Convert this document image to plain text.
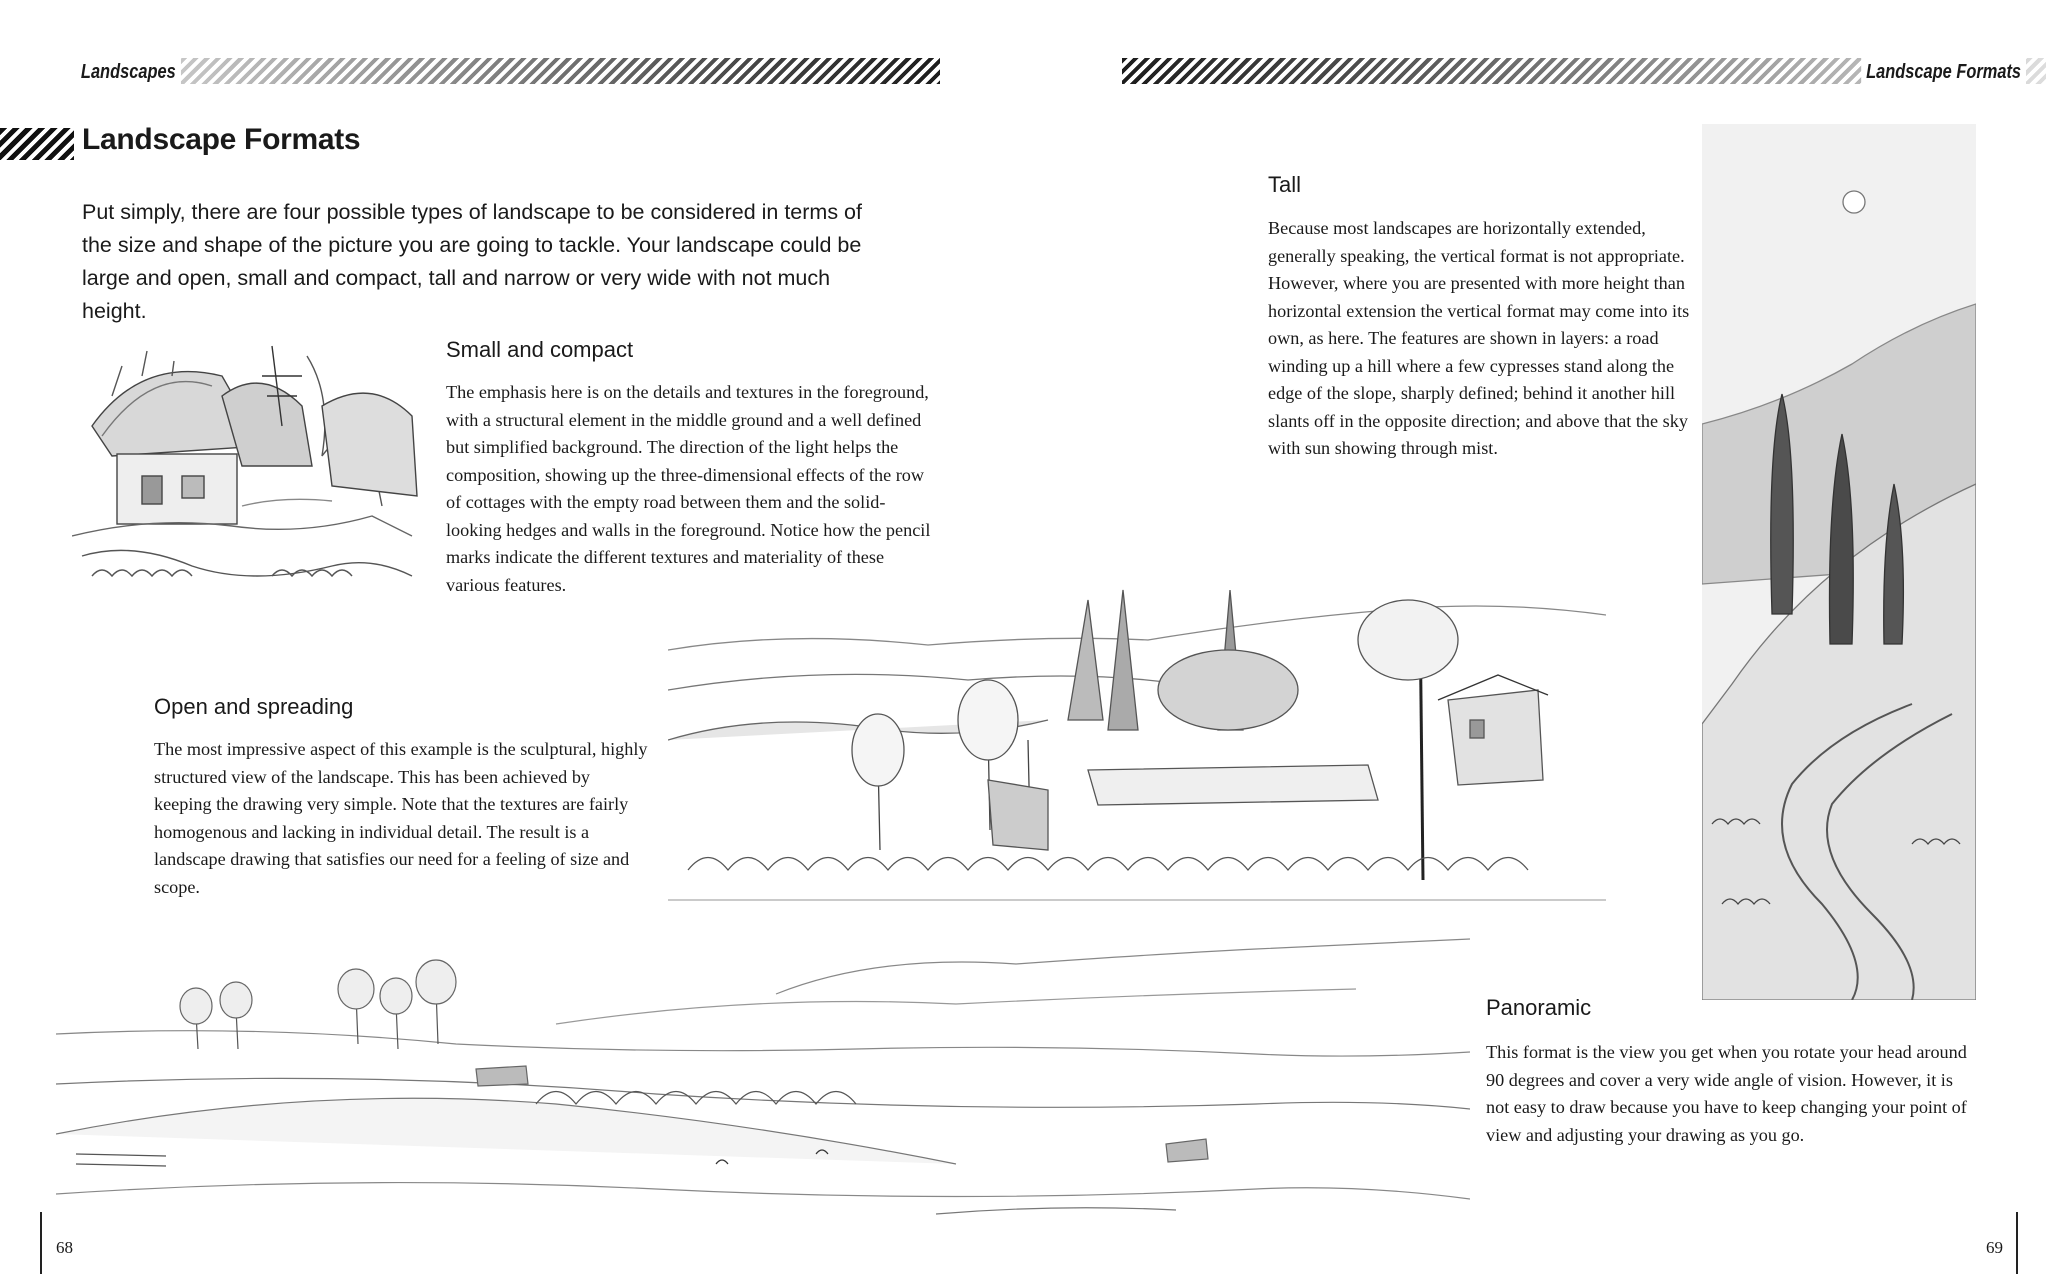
Landscapes	Landscape Formats
Landscape Formats
Put simply, there are four possible types of landscape to be considered in terms of the size and shape of the picture you are going to tackle. Your landscape could be large and open, small and compact, tall and narrow or very wide with not much height.
Small and compact
The emphasis here is on the details and textures in the foreground, with a structural element in the middle ground and a well defined but simplified background. The direction of the light helps the composition, showing up the three-dimensional effects of the row of cottages with the empty road between them and the solid-looking hedges and walls in the foreground. Notice how the pencil marks indicate the different textures and materiality of these various features.
Open and spreading
The most impressive aspect of this example is the sculptural, highly structured view of the landscape. This has been achieved by keeping the drawing very simple. Note that the textures are fairly homogenous and lacking in individual detail. The result is a landscape drawing that satisfies our need for a feeling of size and scope.
Tall
Because most landscapes are horizontally extended, generally speaking, the vertical format is not appropriate. However, where you are presented with more height than horizontal extension the vertical format may come into its own, as here. The features are shown in layers: a road winding up a hill where a few cypresses stand along the edge of the slope, sharply defined; behind it another hill slants off in the opposite direction; and above that the sky with sun showing through mist.
Panoramic
This format is the view you get when you rotate your head around 90 degrees and cover a very wide angle of vision. However, it is not easy to draw because you have to keep changing your point of view and adjusting your drawing as you go.
68	69
